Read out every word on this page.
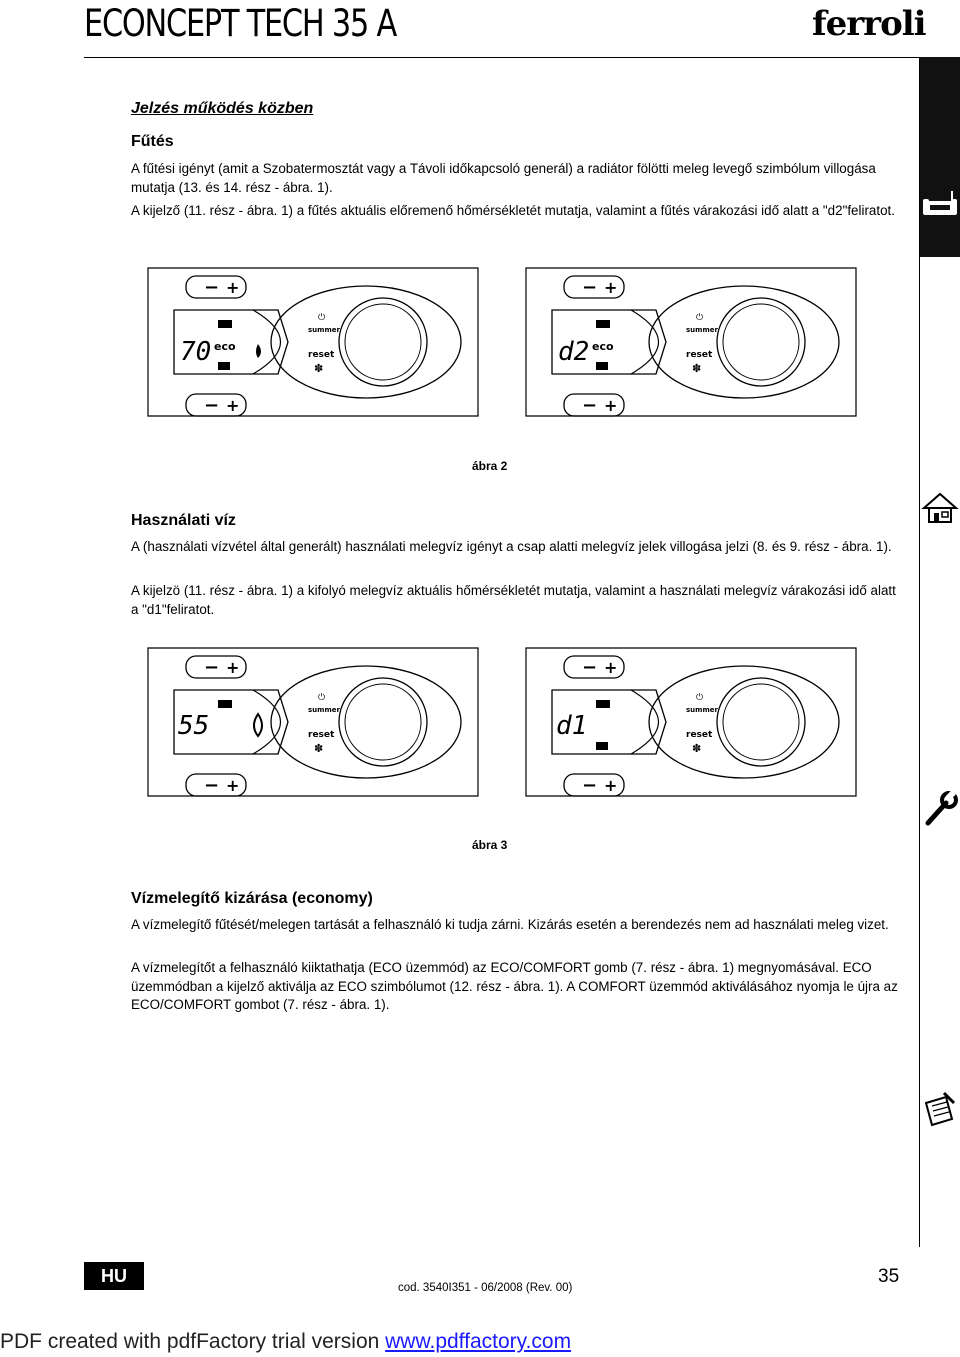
ECONCEPT TECH 35 A	ferroli
Jelzés működés közben
Fűtés
A fűtési igényt (amit a Szobatermosztát vagy a Távoli időkapcsoló generál) a radiátor fölötti meleg levegő szimbólum villogása mutatja (13. és 14. rész - ábra. 1).
A kijelző (11. rész - ábra. 1) a fűtés aktuális előremenő hőmérsékletét mutatja, valamint a fűtés várakozási idő alatt a "d2"feliratot.
− +
− +
70 eco
summer
reset
✽
⏻
− +
− +
d2 eco
summer
reset
✽
⏻
ábra 2
Használati víz
A (használati vízvétel által generált) használati melegvíz igényt a csap alatti melegvíz jelek villogása jelzi (8. és 9. rész - ábra. 1).
A kijelzö (11. rész - ábra. 1) a kifolyó melegvíz aktuális hőmérsékletét mutatja, valamint a használati melegvíz várakozási idő alatt a "d1"feliratot.
− +
− +
55
summer
reset
✽
⏻
− +
− +
d1
summer
reset
✽
⏻
ábra 3
Vízmelegítő kizárása (economy)
A vízmelegítő fűtését/melegen tartását a felhasználó ki tudja zárni. Kizárás esetén a berendezés nem ad használati meleg vizet.
A vízmelegítőt a felhasználó kiiktathatja (ECO üzemmód) az ECO/COMFORT gomb (7. rész - ábra. 1) megnyomásával. ECO üzemmódban a kijelző aktiválja az ECO szimbólumot (12. rész - ábra. 1). A COMFORT üzemmód aktiválásához nyomja le újra az ECO/COMFORT gombot (7. rész - ábra. 1).
HU
cod. 3540I351 - 06/2008 (Rev. 00)
35
PDF created with pdfFactory trial version www.pdffactory.com
